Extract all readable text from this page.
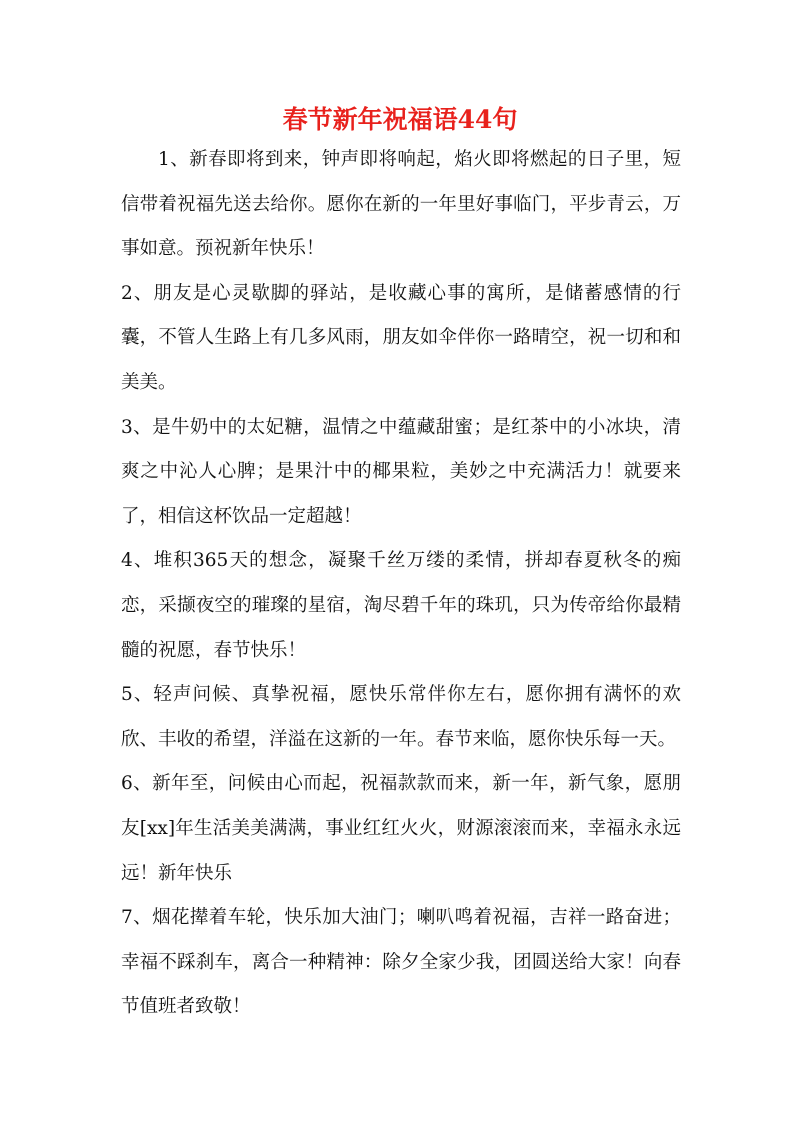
春节新年祝福语44句

1、新春即将到来，钟声即将响起，焰火即将燃起的日子里，短信带着祝福先送去给你。愿你在新的一年里好事临门，平步青云，万事如意。预祝新年快乐！

2、朋友是心灵歇脚的驿站，是收藏心事的寓所，是储蓄感情的行囊，不管人生路上有几多风雨，朋友如伞伴你一路晴空，祝一切和和美美。

3、是牛奶中的太妃糖，温情之中蕴藏甜蜜；是红茶中的小冰块，清爽之中沁人心脾；是果汁中的椰果粒，美妙之中充满活力！就要来了，相信这杯饮品一定超越！

4、堆积365天的想念，凝聚千丝万缕的柔情，拼却春夏秋冬的痴恋，采撷夜空的璀璨的星宿，淘尽碧千年的珠玑，只为传帝给你最精髓的祝愿，春节快乐！

5、轻声问候、真挚祝福，愿快乐常伴你左右，愿你拥有满怀的欢欣、丰收的希望，洋溢在这新的一年。春节来临，愿你快乐每一天。

6、新年至，问候由心而起，祝福款款而来，新一年，新气象，愿朋友[xx]年生活美美满满，事业红红火火，财源滚滚而来，幸福永永远远！新年快乐

7、烟花撵着车轮，快乐加大油门；喇叭鸣着祝福，吉祥一路奋进；幸福不踩刹车，离合一种精神：除夕全家少我，团圆送给大家！向春节值班者致敬！
